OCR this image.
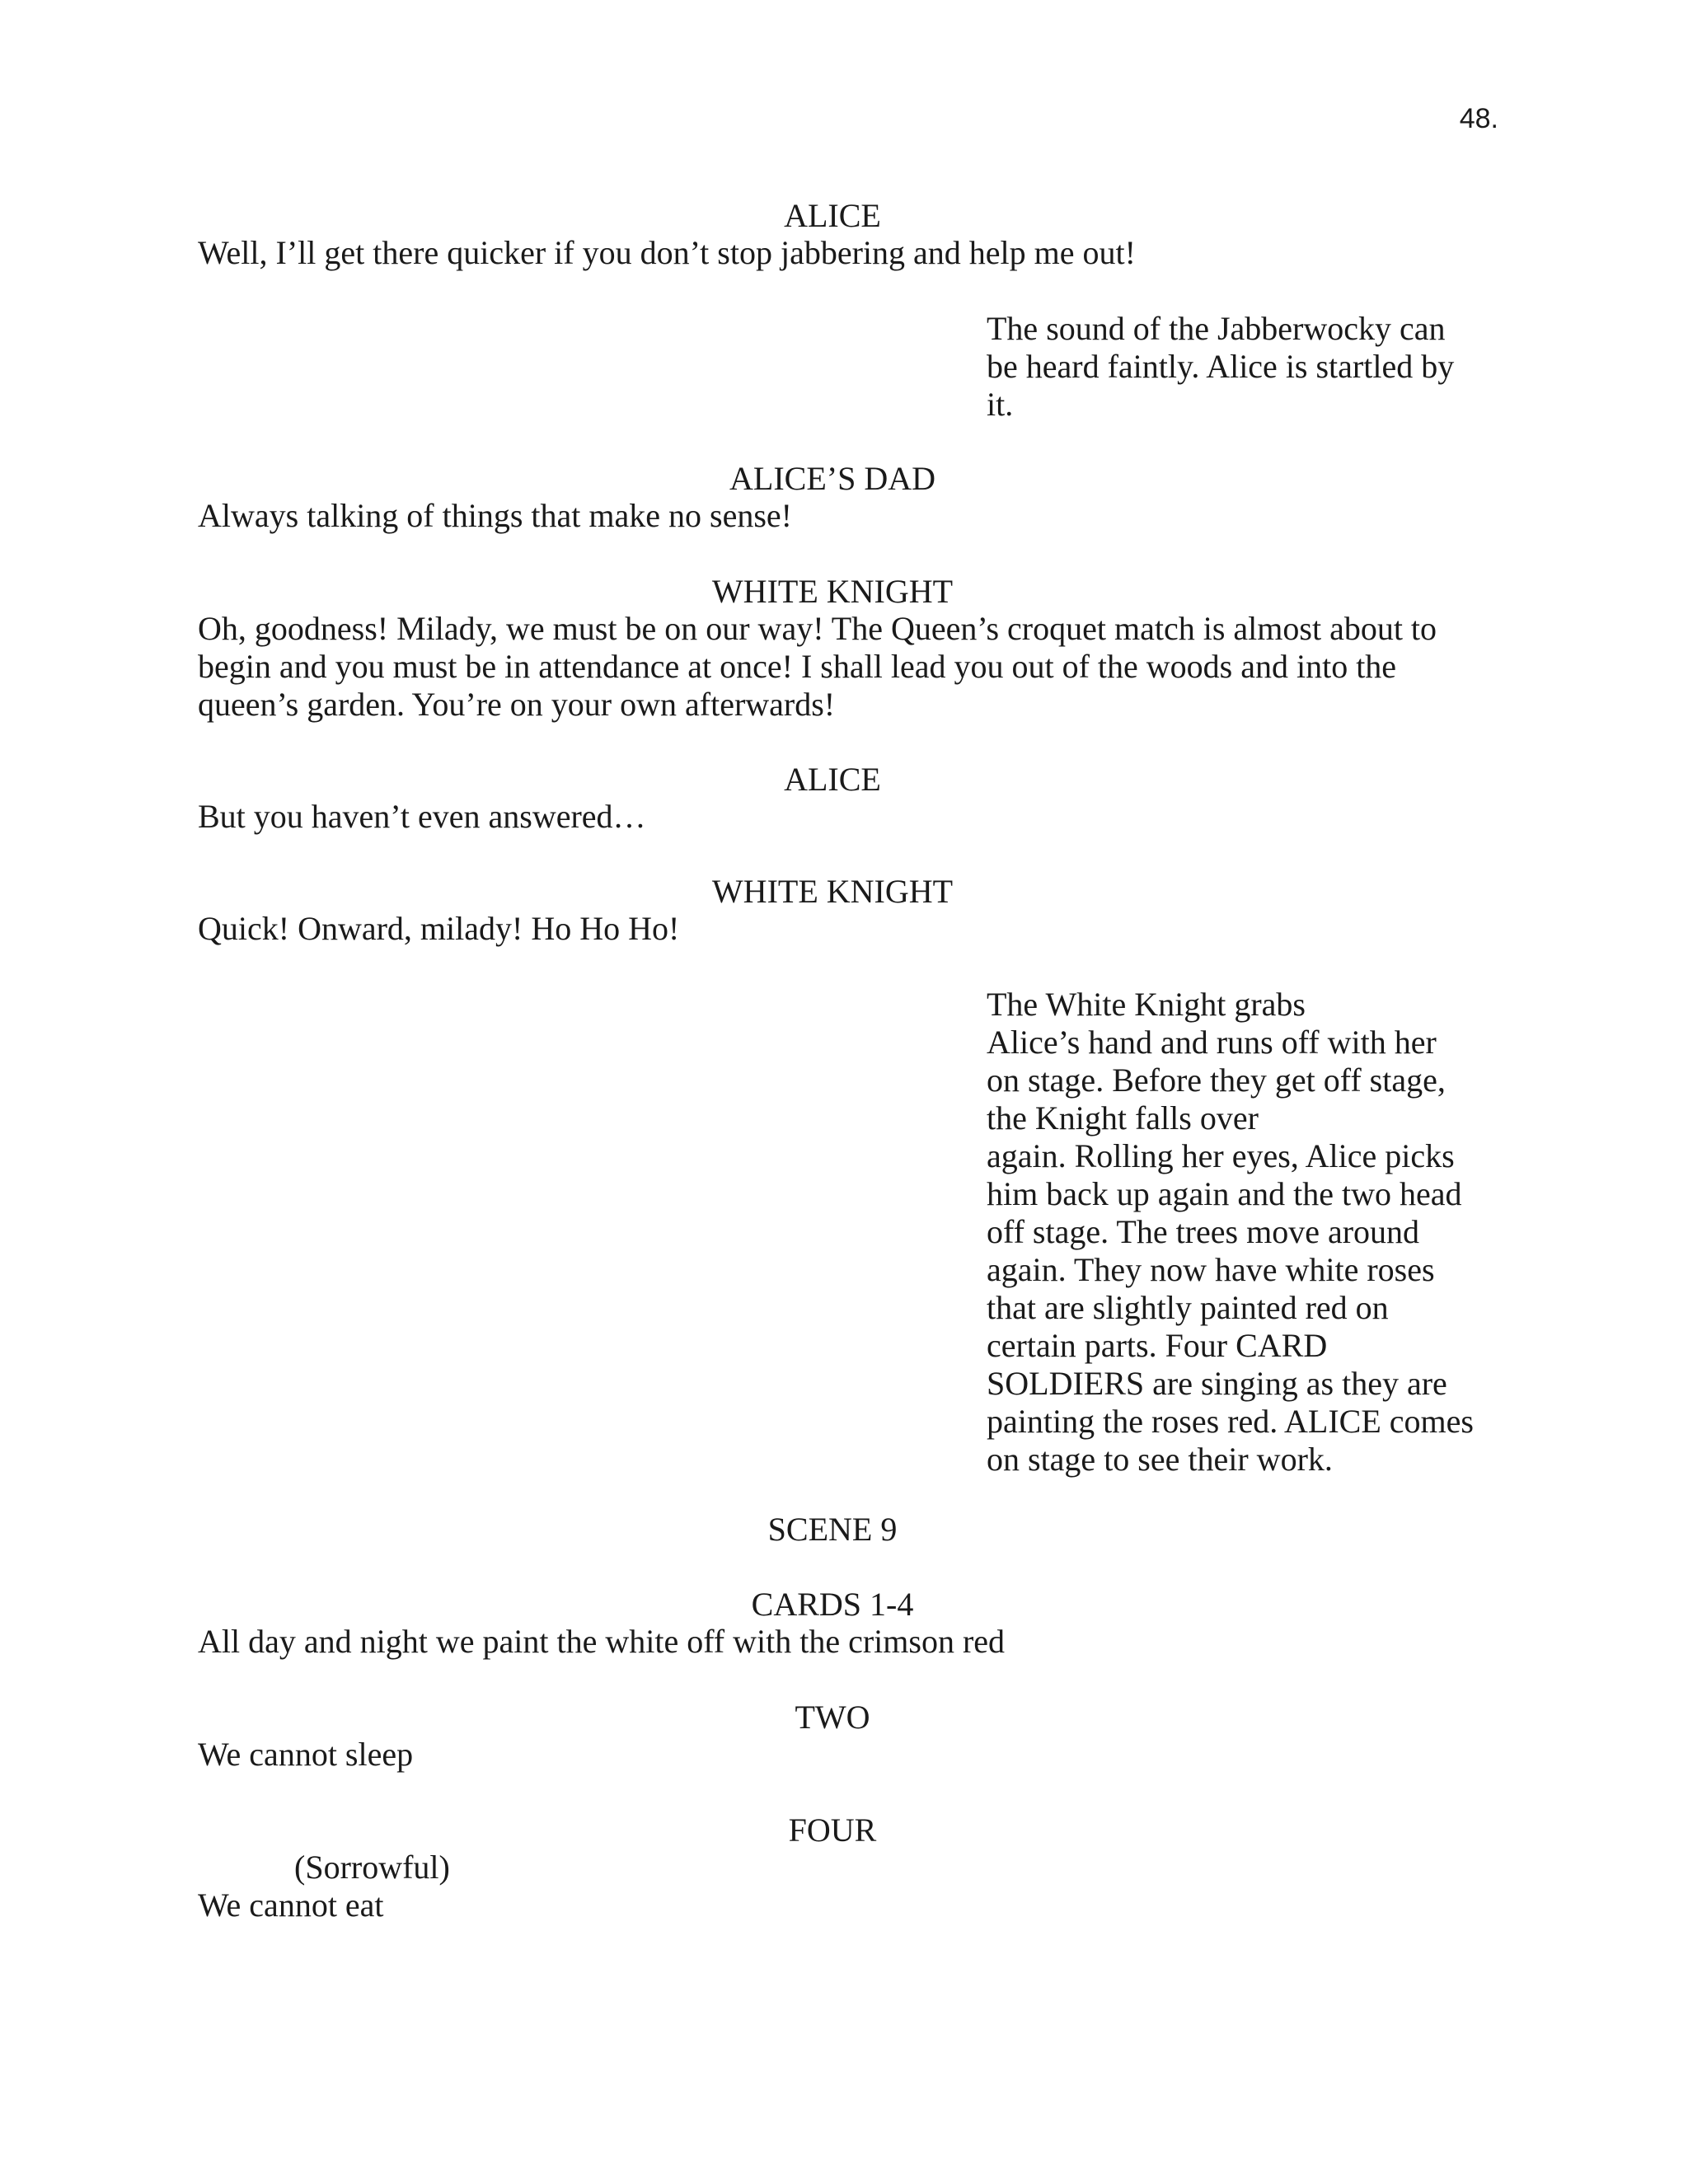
48.

ALICE

Well, I’ll get there quicker if you don’t stop jabbering and help me out!

The sound of the Jabberwocky can
be heard faintly. Alice is startled by
it.

ALICE’S DAD

Always talking of things that make no sense!

WHITE KNIGHT

Oh, goodness! Milady, we must be on our way! The Queen’s croquet match is almost about to
begin and you must be in attendance at once! I shall lead you out of the woods and into the
queen’s garden. You’re on your own afterwards!

ALICE

But you haven’t even answered…

WHITE KNIGHT

Quick! Onward, milady! Ho Ho Ho!

The White Knight grabs
Alice’s hand and runs off with her
on stage. Before they get off stage,
the Knight falls over
again. Rolling her eyes, Alice picks
him back up again and the two head
off stage. The trees move around
again. They now have white roses
that are slightly painted red on
certain parts. Four CARD
SOLDIERS are singing as they are
painting the roses red. ALICE comes
on stage to see their work.

SCENE 9

CARDS 1-4

All day and night we paint the white off with the crimson red

TWO

We cannot sleep

FOUR

(Sorrowful)

We cannot eat
